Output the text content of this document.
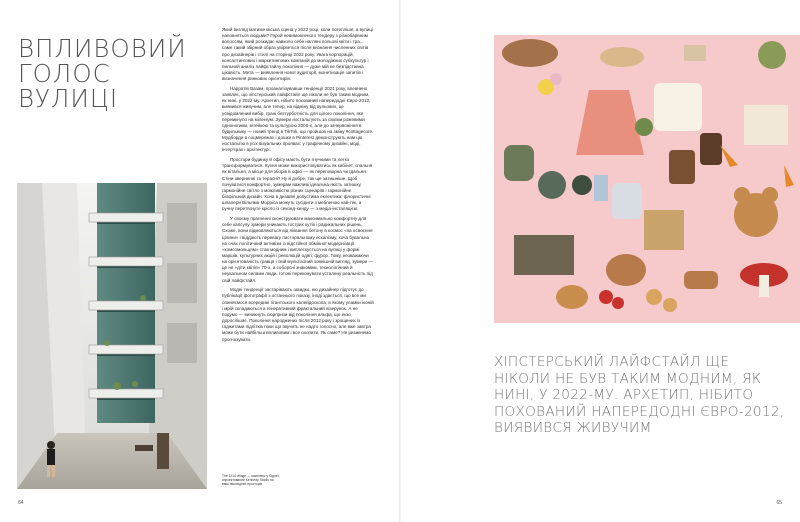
ВПЛИВОВИЙ ГОЛОС ВУЛИЦІ

Який вигляд матиме міська сцена у 2022 році, коли потепліше, а вулиці наповняться людьми? Герой невимовленого тендеру з різнобарвним волоссям, який розкидає навколо себе нагляні польові квіти і тра... саме такий збірний образ увірветься після визнання численних світів про дизайнерів і стилі на сторінці 2022 року. Увага корпорацій, консалтингових і маркетингових компаній до молодіжних субкультур і пильний аналіз лайфстайлу покоління — дуже мій не безпідставна цікавість. Мета — виявлення нової аудиторії, монетизація запитів і визначення ринкових орієнтирів.

Нарратів Вазам, проаналізувавши тенденції 2021 року, впевнено заявляє, що хіпстерський лайфстайл ще ніколи не був таким модним, як нині, у 2022-му. Архетип, нібито похований напередодні Євро-2012, виявився живучим, але тепер, на відміну від вульових, це усвідомлений вибір, грані безтурботність для цілого покоління, яке перемкнуло на міленіум. Зумери ностальгують за своїми рожевими одноногими, вітейкою та культурою 2000-х, але до зачервоніння в будильнику — новий тренд в TikTok, що пройшов на зміну #cottagecore. Мудборди в соцмережах і дошки в Pinterest демонструють нам цю ностальгію в усіх візуальних проявах: у графічному дизайні, моді, інтер'єрах і архітектурі.

Простори будинку й офісу мають бути гнучкими та легко трансформуватися. Кухня може використовуватись як кабінет, спальня як вітальня, а місце для зборів в офісі — як переговорна чи їдальня. Стіни зверненні та терасні? Ну й добре, так ще затишніше. Щоб почуватися комфортно, зумерам важливі ідеальна якість затишку, гармонійне світло з можливістю різних сценаріїв і гармонійне біофільний дизайн. Хоча в дизайні допустима еклектика: флористичні шпалери Вільяма Морріса можуть сусідити з мебленою хай-тек, а ручну перетягнуте крісло із секонд-хенду — з медіа-інсталяцією.

У своєму прагненні сконструювати максимально комфортну для себе капсулу зумери уникають гострих кутів і радикальних рішень. Схоже, вони відмовляються від ліквання бетону в космос «на освоєння цілини» і віддають перевагу пасторальному ескапізму, хоча бувальна на очах політичний активізм із відстійної обмінної модернізації «комсомольцям» став модним і виплескується на вулиці у формі маршів, культурних акцій і революцій одягі; фурор. Тому, незважаючи на орієнтованість гравця і свій мультізоний зовнішній вигляд, зумери — це не «діти квітів» 70-х, а соборсні знакомим, технологічний й неукальном силами люди, готові переконувати усталену реальність під свій лайфстайл.

Модні тенденції застарівають швидко, ню дизайнер підготує до публікації фотографії з останнього показу, іноді здається, що все ми опиняємося всередині гігантського калейдоскопа, в якому уламки іконій і мрій складаються в генеративний фрактальний візерунок. А не подумо — виникнуть сюрпризи від покоління альфа, що екзо дорослішає. Покоління народжених після 2012 року і зрощених із гаджетами підлітків поки що звучить не надто голосно, але вже завтра може бути найбільш впливовим і все охопити. Як саме? Не ризикнемо прогнозувати.

The 1214 village — комплекс у Сіднеї, спроектований Kennedy Studio на ваші пішохідних просторів
64

ХІПСТЕРСЬКИЙ ЛАЙФСТАЙЛ ЩЕ НІКОЛИ НЕ БУВ ТАКИМ МОДНИМ, ЯК НИНІ, У 2022-МУ. АРХЕТИП, НІБИТО ПОХОВАНИЙ НАПЕРЕДОДНІ ЄВРО-2012, ВИЯВИВСЯ ЖИВУЧИМ

65
